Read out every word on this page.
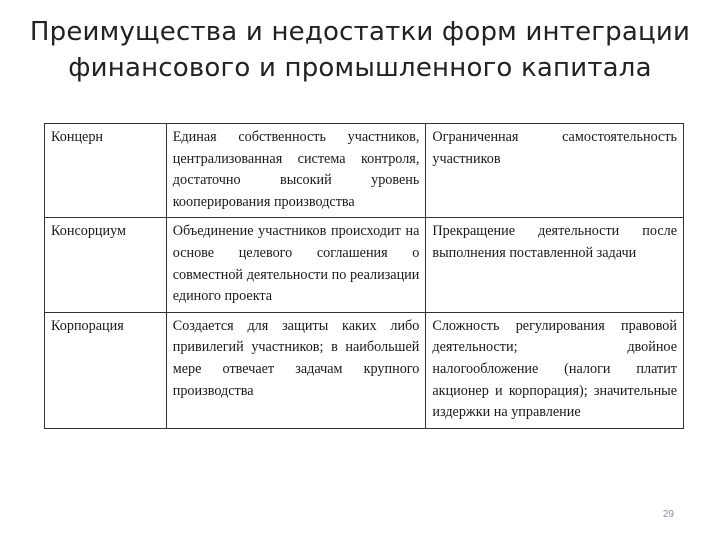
Преимущества и недостатки форм интеграции
финансового и промышленного капитала
Концерн	Единая собственность участников, централизованная система контроля, достаточно высокий уровень кооперирования производства	Ограниченная самостоятельность участников
Консорциум	Объединение участников происходит на основе целевого соглашения о совместной деятельности по реализации единого проекта	Прекращение деятельности после выполнения поставленной задачи
Корпорация	Создается для защиты каких либо привилегий участников; в наибольшей мере отвечает задачам крупного производства	Сложность регулирования правовой деятельности; двойное налогообложение (налоги платит акционер и корпорация); значительные издержки на управление
29
